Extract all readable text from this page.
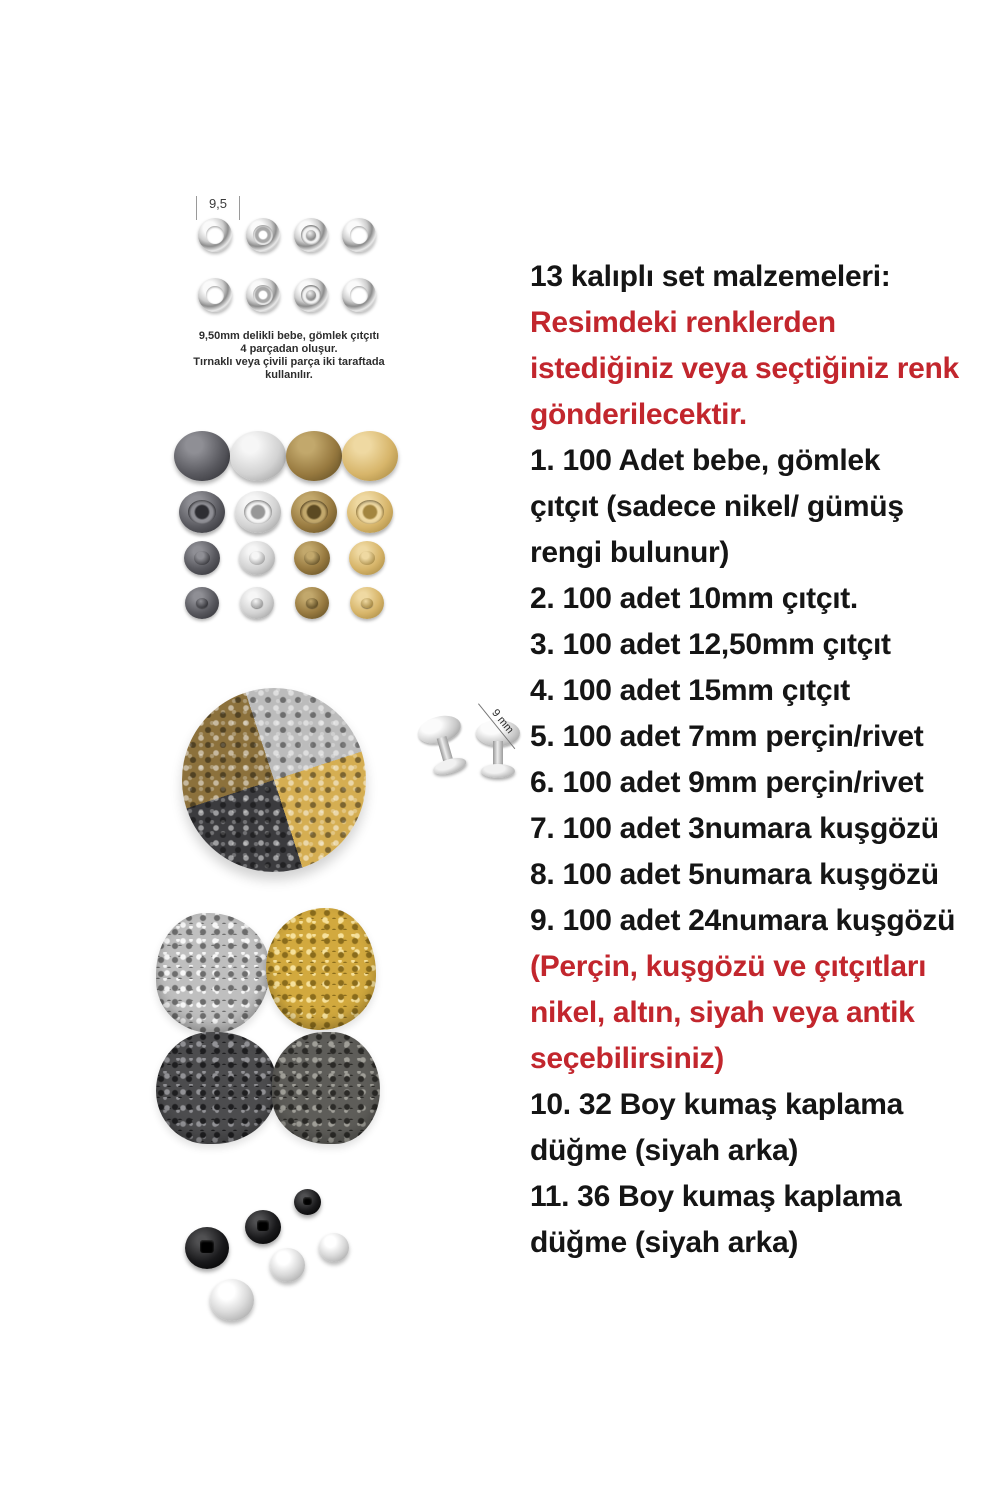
9,5
9,50mm delikli bebe, gömlek çıtçıtı
4 parçadan oluşur.
Tırnaklı veya çivili parça iki taraftada
kullanılır.
9 mm
13 kalıplı set malzemeleri:
Resimdeki renklerden
istediğiniz veya seçtiğiniz renk
gönderilecektir.
1. 100 Adet bebe, gömlek
çıtçıt (sadece nikel/ gümüş
rengi bulunur)
2. 100 adet 10mm çıtçıt.
3. 100 adet 12,50mm çıtçıt
4. 100 adet 15mm çıtçıt
5. 100 adet 7mm perçin/rivet
6. 100 adet 9mm perçin/rivet
7. 100 adet 3numara kuşgözü
8. 100 adet 5numara kuşgözü
9. 100 adet 24numara kuşgözü
(Perçin, kuşgözü ve çıtçıtları
nikel, altın, siyah veya antik
seçebilirsiniz)
10. 32 Boy kumaş kaplama
düğme (siyah arka)
11. 36 Boy kumaş kaplama
düğme (siyah arka)
